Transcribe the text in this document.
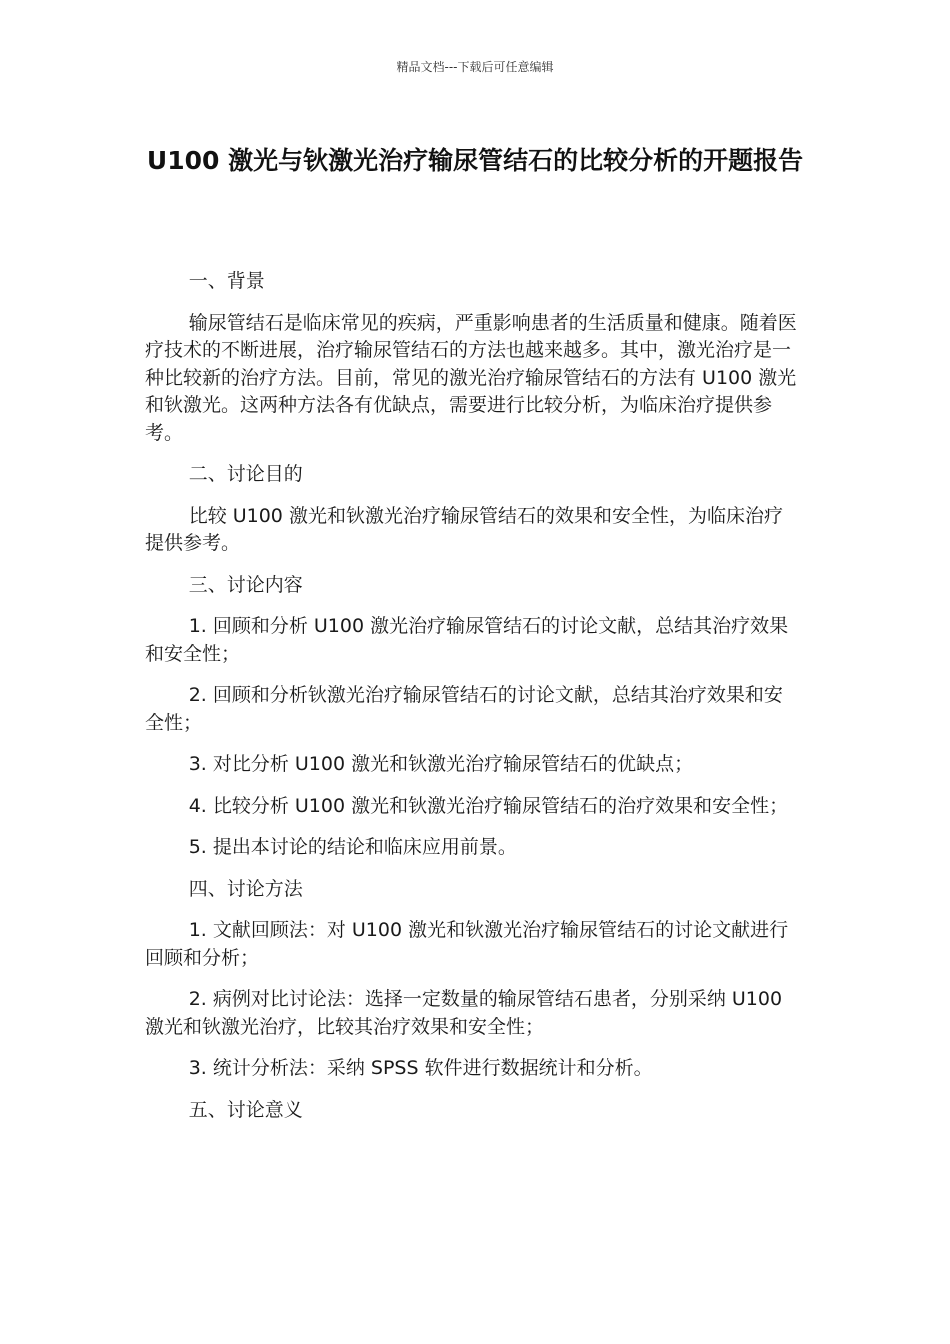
精品文档---下载后可任意编辑
U100 激光与钬激光治疗输尿管结石的比较分析的开题报告

一、背景

输尿管结石是临床常见的疾病，严重影响患者的生活质量和健康。随着医疗技术的不断进展，治疗输尿管结石的方法也越来越多。其中，激光治疗是一种比较新的治疗方法。目前，常见的激光治疗输尿管结石的方法有 U100 激光和钬激光。这两种方法各有优缺点，需要进行比较分析，为临床治疗提供参考。

二、讨论目的

比较 U100 激光和钬激光治疗输尿管结石的效果和安全性，为临床治疗提供参考。

三、讨论内容

1. 回顾和分析 U100 激光治疗输尿管结石的讨论文献，总结其治疗效果和安全性；

2. 回顾和分析钬激光治疗输尿管结石的讨论文献，总结其治疗效果和安全性；

3. 对比分析 U100 激光和钬激光治疗输尿管结石的优缺点；

4. 比较分析 U100 激光和钬激光治疗输尿管结石的治疗效果和安全性；

5. 提出本讨论的结论和临床应用前景。

四、讨论方法

1. 文献回顾法：对 U100 激光和钬激光治疗输尿管结石的讨论文献进行回顾和分析；

2. 病例对比讨论法：选择一定数量的输尿管结石患者，分别采纳 U100 激光和钬激光治疗，比较其治疗效果和安全性；

3. 统计分析法：采纳 SPSS 软件进行数据统计和分析。

五、讨论意义
